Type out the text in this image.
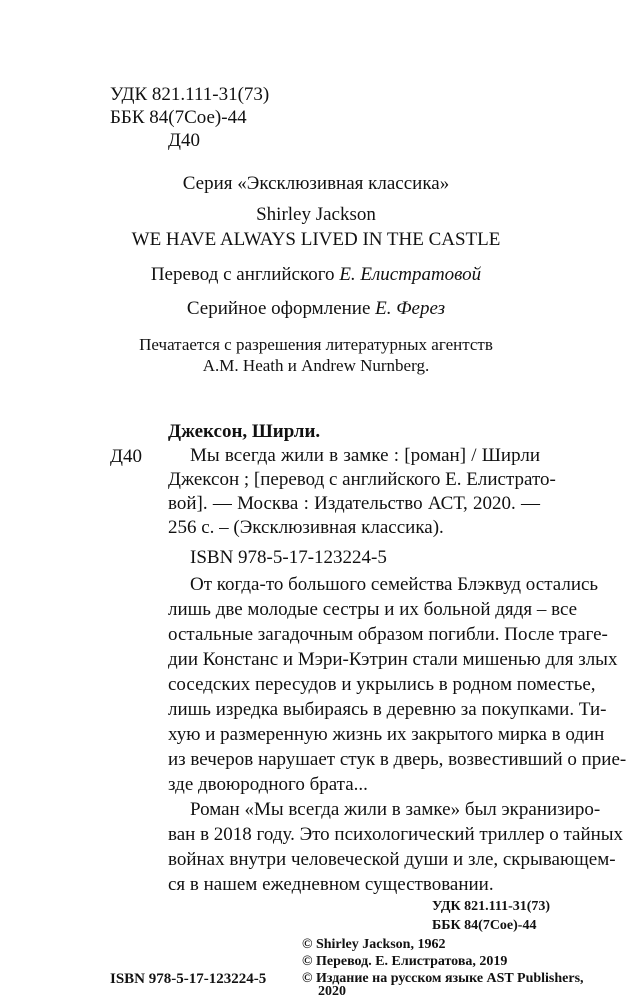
УДК 821.111-31(73)
ББК 84(7Сое)-44
Д40
Серия «Эксклюзивная классика»
Shirley Jackson
WE HAVE ALWAYS LIVED IN THE CASTLE
Перевод с английского Е. Елистратовой
Серийное оформление Е. Ферез
Печатается с разрешения литературных агентств
A.M. Heath и Andrew Nurnberg.
Джексон, Ширли.
Д40	Мы всегда жили в замке : [роман] / Ширли
Джексон ; [перевод с английского Е. Елистрато-
вой]. — Москва : Издательство АСТ, 2020. —
256 с. – (Эксклюзивная классика).
ISBN 978-5-17-123224-5
От когда-то большого семейства Блэквуд остались
лишь две молодые сестры и их больной дядя – все
остальные загадочным образом погибли. После траге-
дии Констанс и Мэри-Кэтрин стали мишенью для злых
соседских пересудов и укрылись в родном поместье,
лишь изредка выбираясь в деревню за покупками. Ти-
хую и размеренную жизнь их закрытого мирка в один
из вечеров нарушает стук в дверь, возвестивший о прие-
зде двоюродного брата...
Роман «Мы всегда жили в замке» был экранизиро-
ван в 2018 году. Это психологический триллер о тайных
войнах внутри человеческой души и зле, скрывающем-
ся в нашем ежедневном существовании.
УДК 821.111-31(73)
ББК 84(7Сое)-44
© Shirley Jackson, 1962
© Перевод. Е. Елистратова, 2019
© Издание на русском языке AST Publishers,
ISBN 978-5-17-123224-5
2020
